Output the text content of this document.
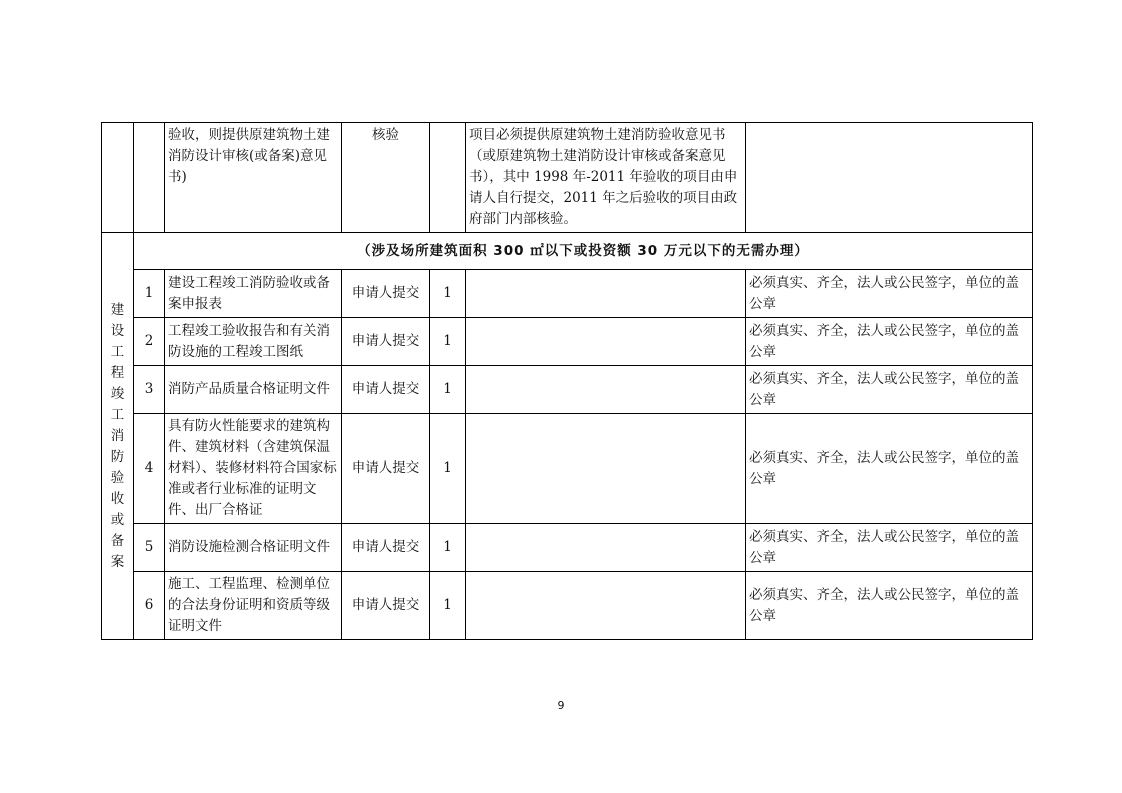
		验收，则提供原建筑物土建消防设计审核(或备案)意见书)	核验		项目必须提供原建筑物土建消防验收意见书（或原建筑物土建消防设计审核或备案意见书），其中 1998 年-2011 年验收的项目由申请人自行提交，2011 年之后验收的项目由政府部门内部核验。	
建设工程竣工消防验收或备案	（涉及场所建筑面积 300 ㎡以下或投资额 30 万元以下的无需办理）					
	1	建设工程竣工消防验收或备案申报表	申请人提交	1		必须真实、齐全，法人或公民签字，单位的盖公章
	2	工程竣工验收报告和有关消防设施的工程竣工图纸	申请人提交	1		必须真实、齐全，法人或公民签字，单位的盖公章
	3	消防产品质量合格证明文件	申请人提交	1		必须真实、齐全，法人或公民签字，单位的盖公章
	4	具有防火性能要求的建筑构件、建筑材料（含建筑保温材料）、装修材料符合国家标准或者行业标准的证明文件、出厂合格证	申请人提交	1		必须真实、齐全，法人或公民签字，单位的盖公章
	5	消防设施检测合格证明文件	申请人提交	1		必须真实、齐全，法人或公民签字，单位的盖公章
	6	施工、工程监理、检测单位的合法身份证明和资质等级证明文件	申请人提交	1		必须真实、齐全，法人或公民签字，单位的盖公章
9
